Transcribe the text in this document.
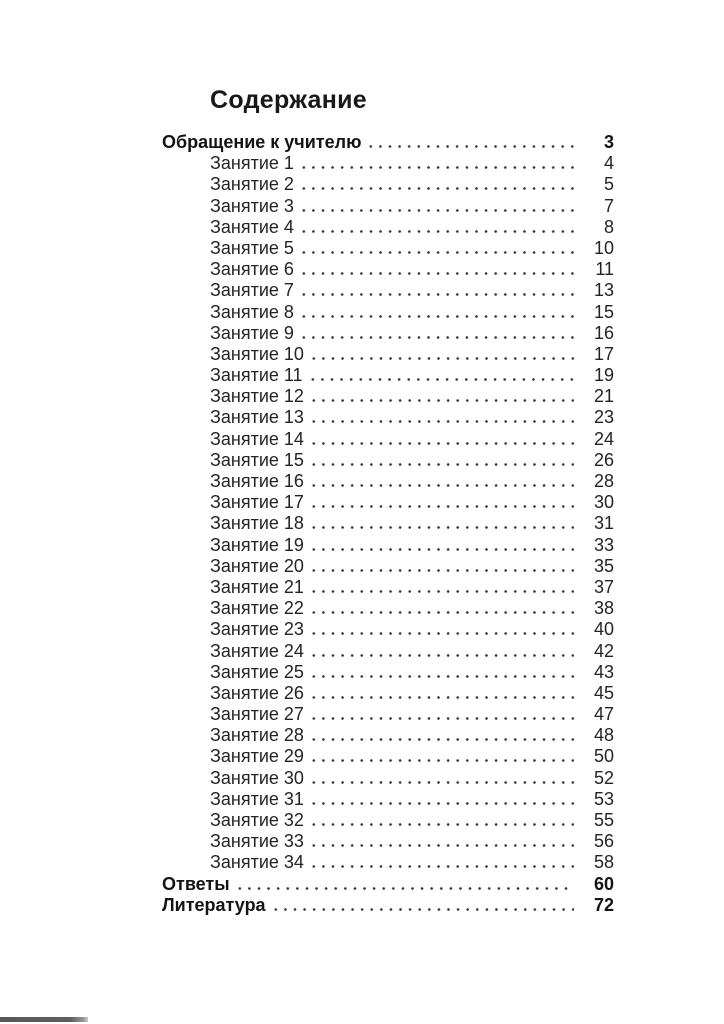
Содержание
Обращение к учителю	3
Занятие 1	4
Занятие 2	5
Занятие 3	7
Занятие 4	8
Занятие 5	10
Занятие 6	11
Занятие 7	13
Занятие 8	15
Занятие 9	16
Занятие 10	17
Занятие 11	19
Занятие 12	21
Занятие 13	23
Занятие 14	24
Занятие 15	26
Занятие 16	28
Занятие 17	30
Занятие 18	31
Занятие 19	33
Занятие 20	35
Занятие 21	37
Занятие 22	38
Занятие 23	40
Занятие 24	42
Занятие 25	43
Занятие 26	45
Занятие 27	47
Занятие 28	48
Занятие 29	50
Занятие 30	52
Занятие 31	53
Занятие 32	55
Занятие 33	56
Занятие 34	58
Ответы	60
Литература	72
